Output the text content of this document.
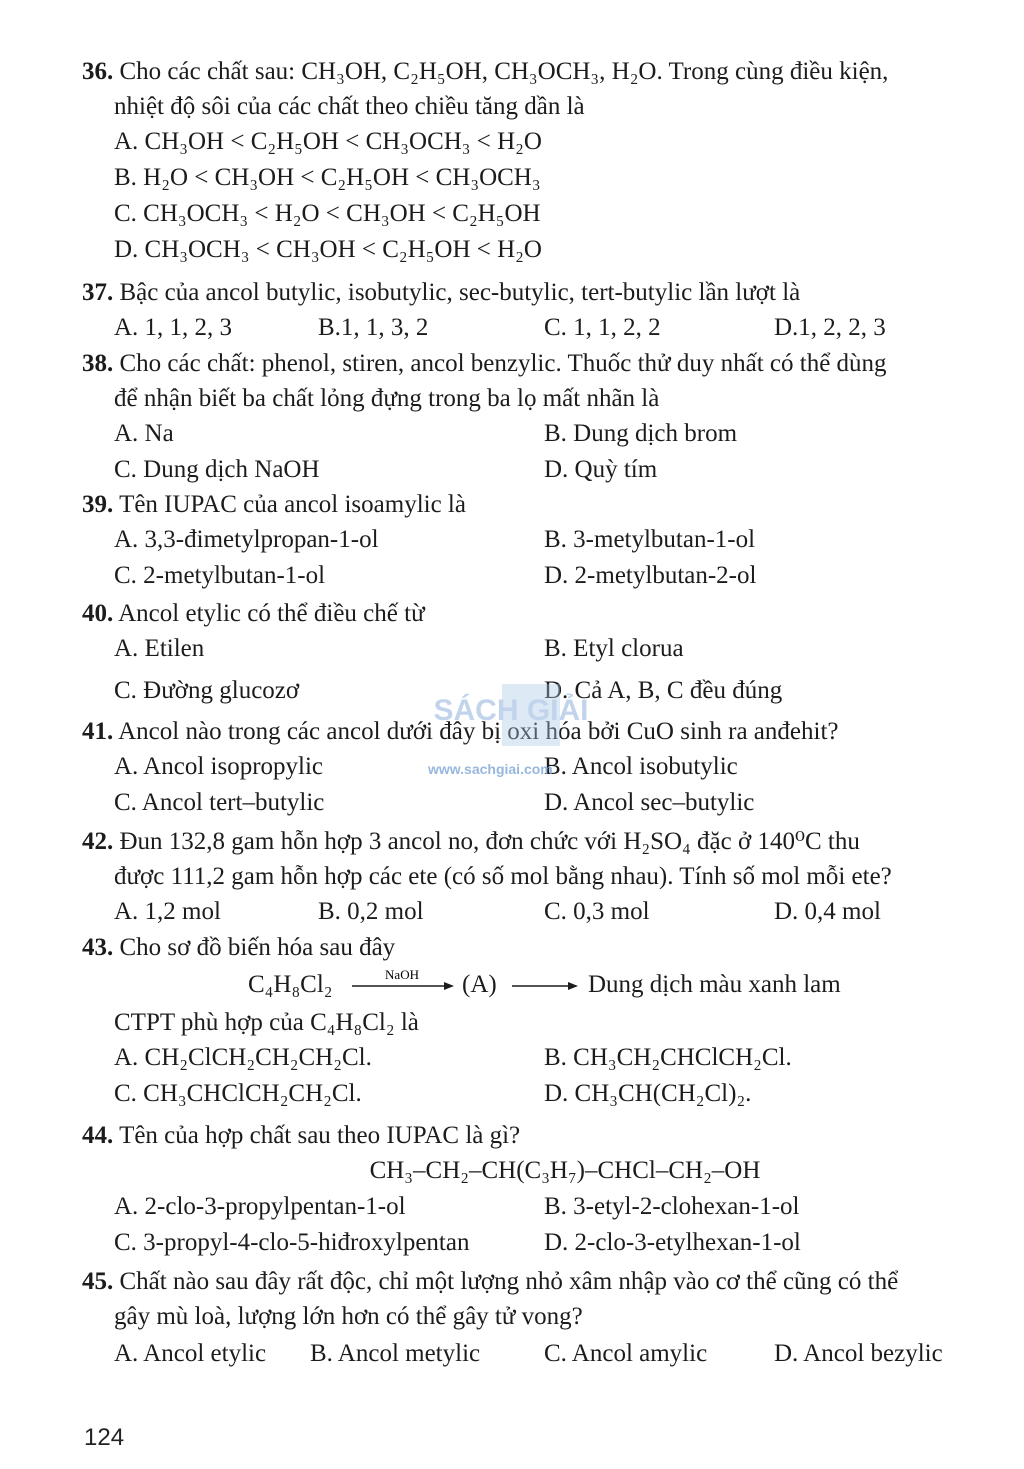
36. Cho các chất sau: CH₃OH, C₂H₅OH, CH₃OCH₃, H₂O. Trong cùng điều kiện,
nhiệt độ sôi của các chất theo chiều tăng dần là
A. CH₃OH < C₂H₅OH < CH₃OCH₃ < H₂O
B. H₂O < CH₃OH < C₂H₅OH < CH₃OCH₃
C. CH₃OCH₃ < H₂O < CH₃OH < C₂H₅OH
D. CH₃OCH₃ < CH₃OH < C₂H₅OH < H₂O
37. Bậc của ancol butylic, isobutylic, sec-butylic, tert-butylic lần lượt là
A. 1, 1, 2, 3	B.1, 1, 3, 2	C. 1, 1, 2, 2	D.1, 2, 2, 3
38. Cho các chất: phenol, stiren, ancol benzylic. Thuốc thử duy nhất có thể dùng
để nhận biết ba chất lỏng đựng trong ba lọ mất nhãn là
A. Na	B. Dung dịch brom
C. Dung dịch NaOH	D. Quỳ tím
39. Tên IUPAC của ancol isoamylic là
A. 3,3-đimetylpropan-1-ol	B. 3-metylbutan-1-ol
C. 2-metylbutan-1-ol	D. 2-metylbutan-2-ol
40. Ancol etylic có thể điều chế từ
A. Etilen	B. Etyl clorua
C. Đường glucozơ	D. Cả A, B, C đều đúng
41. Ancol nào trong các ancol dưới đây bị oxi hóa bởi CuO sinh ra anđehit?
A. Ancol isopropylic	B. Ancol isobutylic
C. Ancol tert–butylic	D. Ancol sec–butylic
42. Đun 132,8 gam hỗn hợp 3 ancol no, đơn chức với H₂SO₄ đặc ở 140⁰C thu
được 111,2 gam hỗn hợp các ete (có số mol bằng nhau). Tính số mol mỗi ete?
A. 1,2 mol	B. 0,2 mol	C. 0,3 mol	D. 0,4 mol
43. Cho sơ đồ biến hóa sau đây
C₄H₈Cl₂	NaOH (A) → Dung dịch màu xanh lam
CTPT phù hợp của C₄H₈Cl₂ là
A. CH₂ClCH₂CH₂CH₂Cl.	B. CH₃CH₂CHClCH₂Cl.
C. CH₃CHClCH₂CH₂Cl.	D. CH₃CH(CH₂Cl)₂.
44. Tên của hợp chất sau theo IUPAC là gì?
CH₃–CH₂–CH(C₃H₇)–CHCl–CH₂–OH
A. 2-clo-3-propylpentan-1-ol	B. 3-etyl-2-clohexan-1-ol
C. 3-propyl-4-clo-5-hiđroxylpentan	D. 2-clo-3-etylhexan-1-ol
45. Chất nào sau đây rất độc, chỉ một lượng nhỏ xâm nhập vào cơ thể cũng có thể
gây mù loà, lượng lớn hơn có thể gây tử vong?
A. Ancol etylic B. Ancol metylic	C. Ancol amylic	D. Ancol bezylic
SÁCH GIẢI
www.sachgiai.com
124
